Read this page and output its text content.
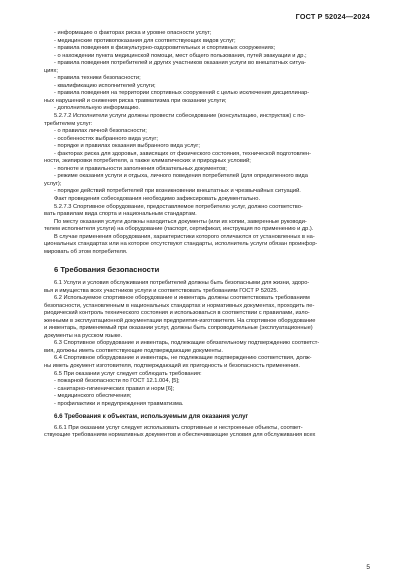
ГОСТ Р 52024—2024

- информацию о факторах риска и уровне опасности услуг;

- медицинские противопоказания для соответствующих видов услуг;

- правила поведения в физкультурно-оздоровительных и спортивных сооружениях;

- о нахождении пункта медицинской помощи, мест общего пользования, путей эвакуации и др.;

- правила поведения потребителей и других участников оказания услуги во внештатных ситуа-

циях;

- правила техники безопасности;

- квалификацию исполнителей услуги;

- правила поведения на территории спортивных сооружений с целью исключения дисциплинар-

ных нарушений и снижения риска травматизма при оказании услуги;

- дополнительную информацию.

5.2.7.2 Исполнители услуги должны провести собеседование (консультацию, инструктаж) с по-

требителем услуг:

- о правилах личной безопасности;

- особенностях выбранного вида услуг;

- порядке и правилах оказания выбранного вида услуг;

- факторах риска для здоровья, зависящих от физического состояния, технической подготовлен-

ности, экипировки потребителя, а также климатических и природных условий;

- полноте и правильности заполнения обязательных документов;

- режиме оказания услуги и отдыха, личного поведения потребителей (для определенного вида

услуг);

- порядке действий потребителей при возникновении внештатных и чрезвычайных ситуаций.

Факт проведения собеседования необходимо зафиксировать документально.

5.2.7.3 Спортивное оборудование, предоставляемое потребителю услуг, должно соответство-

вать правилам вида спорта и национальным стандартам.

По месту оказания услуги должны находиться документы (или их копии, заверенные руководи-

телем исполнителя услуги) на оборудование (паспорт, сертификат, инструкция по применению и др.).

В случае применения оборудования, характеристики которого отличаются от установленных в на-

циональных стандартах или на которое отсутствуют стандарты, исполнитель услуги обязан проинфор-

мировать об этом потребителя.

6 Требования безопасности

6.1 Услуги и условия обслуживания потребителей должны быть безопасными для жизни, здоро-

вья и имущества всех участников услуги и соответствовать требованиям ГОСТ Р 52025.

6.2 Используемое спортивное оборудование и инвентарь должны соответствовать требованиям

безопасности, установленным в национальных стандартах и нормативных документах, проходить пе-

риодический контроль технического состояния и использоваться в соответствии с правилами, изло-

женными в эксплуатационной документации предприятия-изготовителя. На спортивное оборудование

и инвентарь, применяемый при оказании услуг, должны быть сопроводительные (эксплуатационные)

документы на русском языке.

6.3 Спортивное оборудование и инвентарь, подлежащие обязательному подтверждению соответст-

вия, должны иметь соответствующие подтверждающие документы.

6.4 Спортивное оборудование и инвентарь, не подлежащие подтверждению соответствия, долж-

ны иметь документ изготовителя, подтверждающий их пригодность и безопасность применения.

6.5 При оказании услуг следует соблюдать требования:

- пожарной безопасности по ГОСТ 12.1.004, [5];

- санитарно-гигиенических правил и норм [6];

- медицинского обеспечения;

- профилактики и предупреждения травматизма.

6.6 Требования к объектам, используемым для оказания услуг

6.6.1 При оказании услуг следует использовать спортивные и нестроенные объекты, соответ-

ствующие требованиям нормативных документов и обеспечивающие условия для обслуживания всех

5
